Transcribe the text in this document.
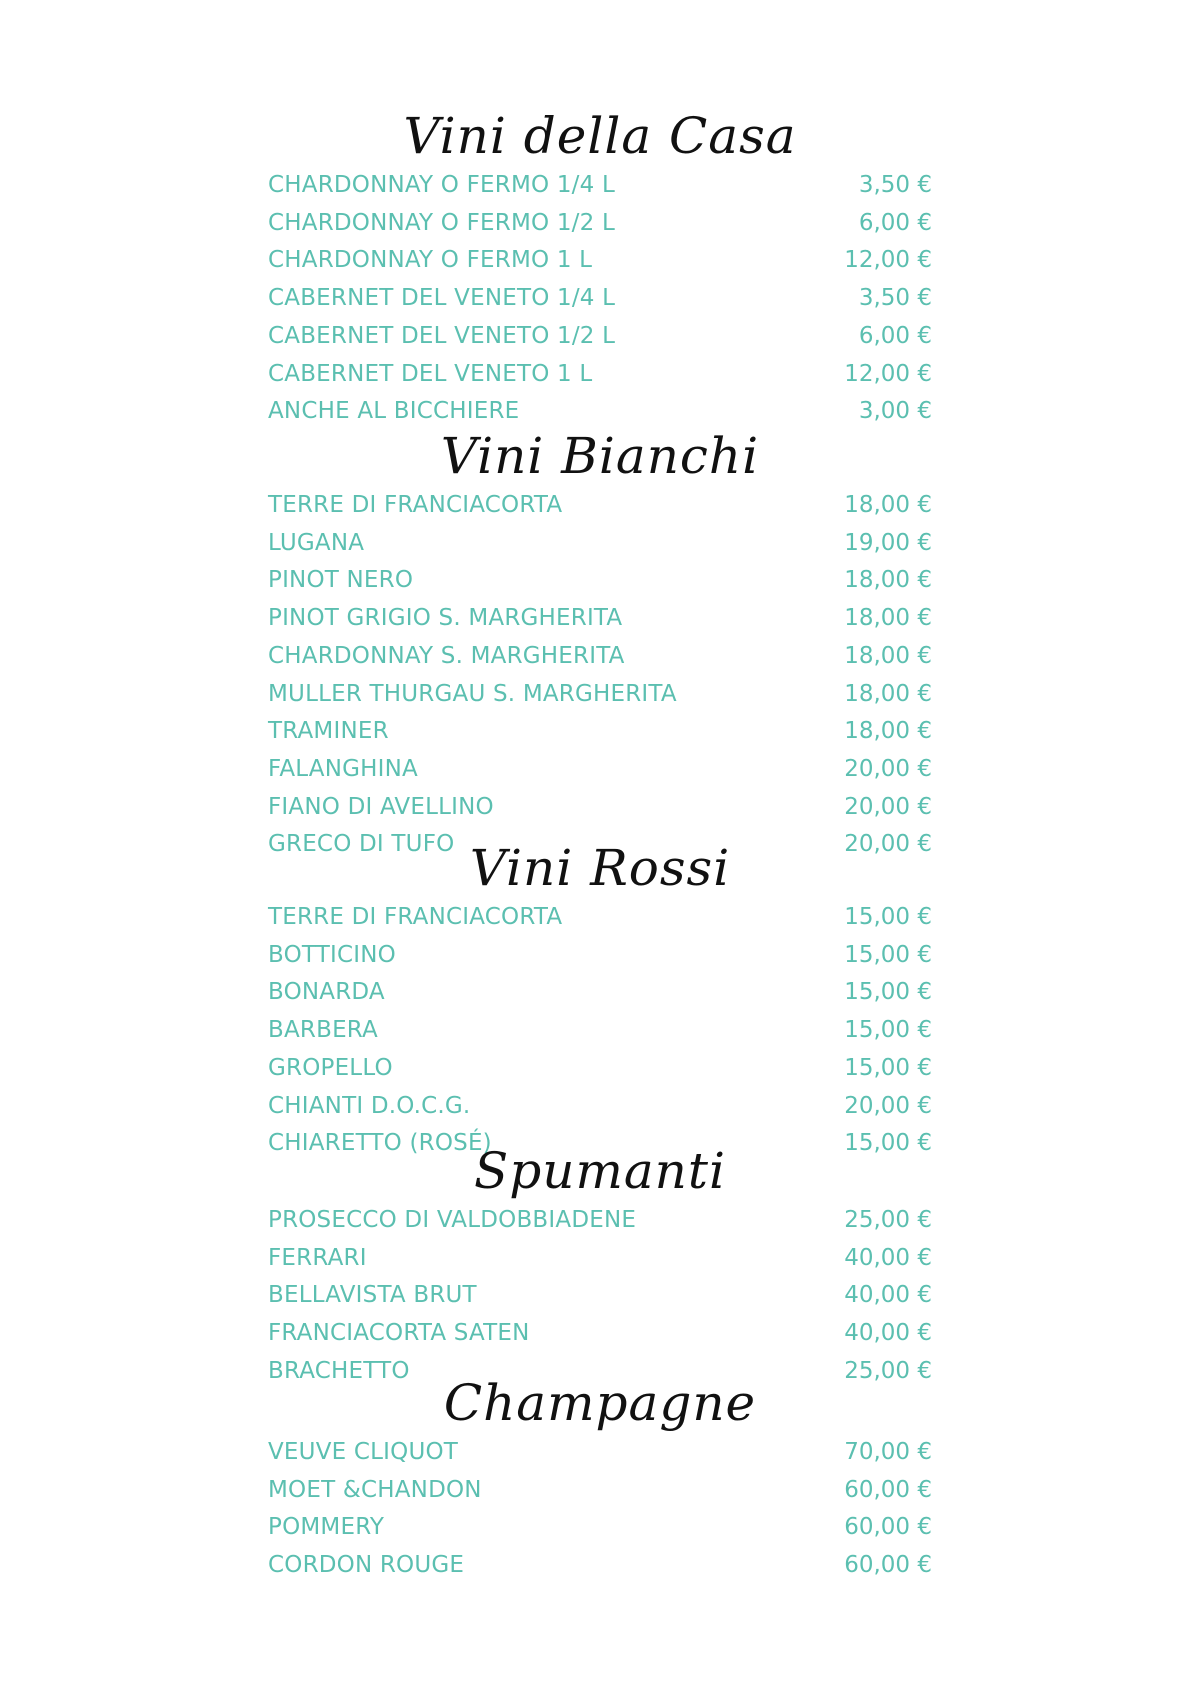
Vini della Casa
CHARDONNAY O FERMO 1/4 L	3,50 €
CHARDONNAY O FERMO 1/2 L	6,00 €
CHARDONNAY O FERMO 1 L	12,00 €
CABERNET DEL VENETO 1/4 L	3,50 €
CABERNET DEL VENETO 1/2 L	6,00 €
CABERNET DEL VENETO 1 L	12,00 €
ANCHE AL BICCHIERE	3,00 €
Vini Bianchi
TERRE DI FRANCIACORTA	18,00 €
LUGANA	19,00 €
PINOT NERO	18,00 €
PINOT GRIGIO S. MARGHERITA	18,00 €
CHARDONNAY S. MARGHERITA	18,00 €
MULLER THURGAU S. MARGHERITA	18,00 €
TRAMINER	18,00 €
FALANGHINA	20,00 €
FIANO DI AVELLINO	20,00 €
GRECO DI TUFO	20,00 €
Vini Rossi
TERRE DI FRANCIACORTA	15,00 €
BOTTICINO	15,00 €
BONARDA	15,00 €
BARBERA	15,00 €
GROPELLO	15,00 €
CHIANTI D.O.C.G.	20,00 €
CHIARETTO (ROSÉ)	15,00 €
Spumanti
PROSECCO DI VALDOBBIADENE	25,00 €
FERRARI	40,00 €
BELLAVISTA BRUT	40,00 €
FRANCIACORTA SATEN	40,00 €
BRACHETTO	25,00 €
Champagne
VEUVE CLIQUOT	70,00 €
MOET &CHANDON	60,00 €
POMMERY	60,00 €
CORDON ROUGE	60,00 €
